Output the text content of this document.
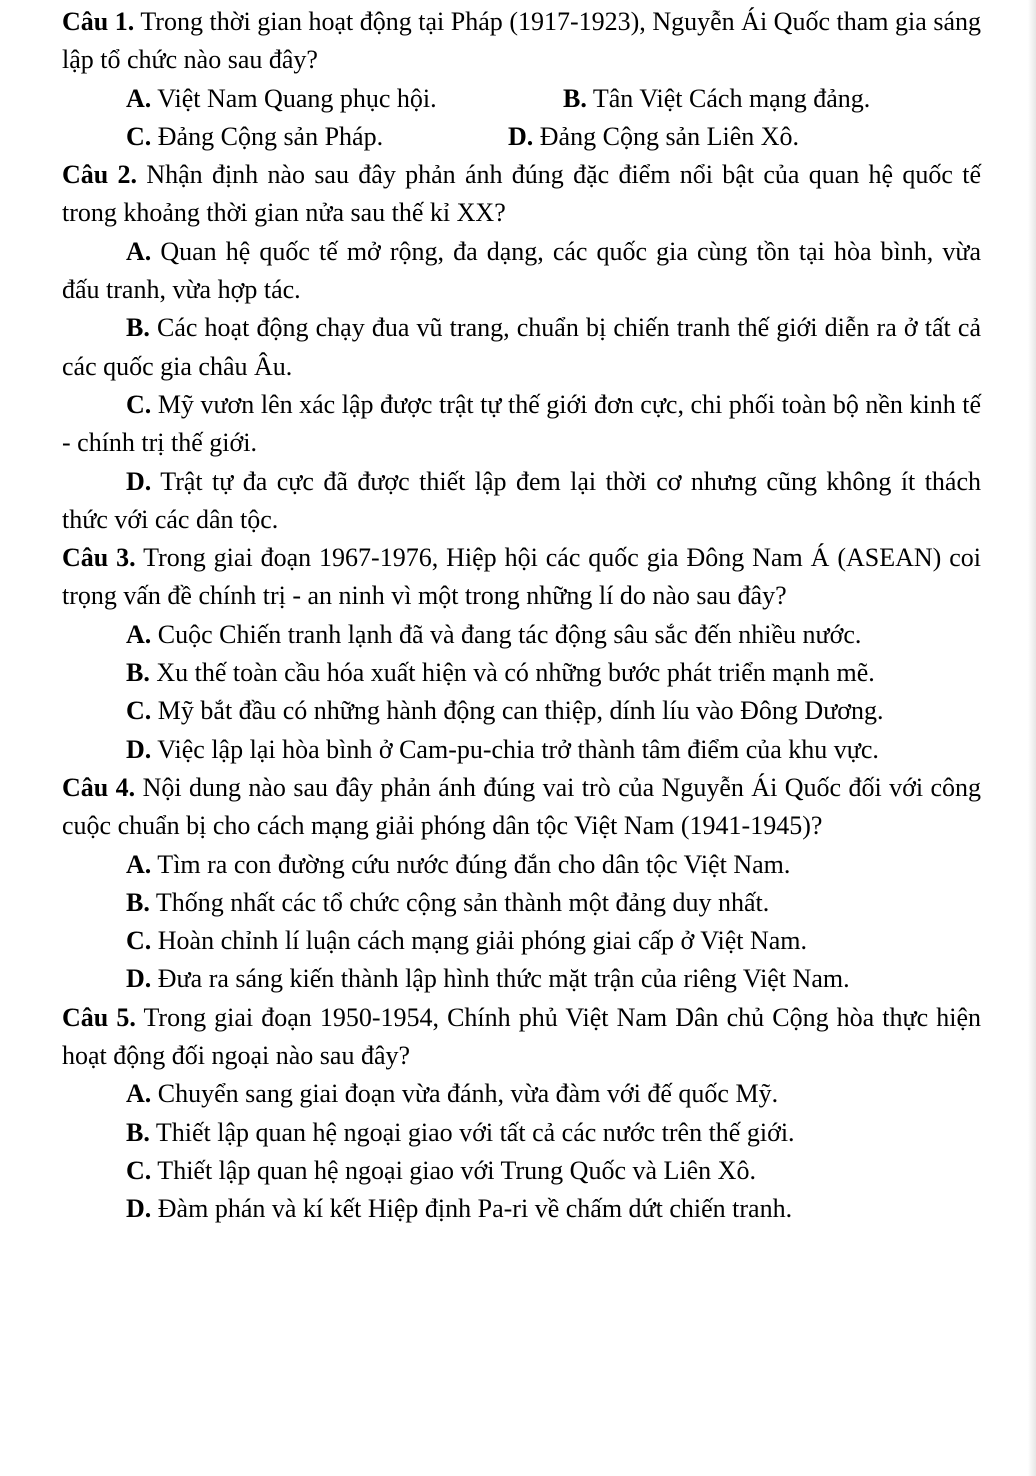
Câu 1. Trong thời gian hoạt động tại Pháp (1917-1923), Nguyễn Ái Quốc tham gia sáng lập tổ chức nào sau đây?

A. Việt Nam Quang phục hội.	B. Tân Việt Cách mạng đảng.
C. Đảng Cộng sản Pháp.	D. Đảng Cộng sản Liên Xô.

Câu 2. Nhận định nào sau đây phản ánh đúng đặc điểm nổi bật của quan hệ quốc tế trong khoảng thời gian nửa sau thế kỉ XX?

A. Quan hệ quốc tế mở rộng, đa dạng, các quốc gia cùng tồn tại hòa bình, vừa đấu tranh, vừa hợp tác.

B. Các hoạt động chạy đua vũ trang, chuẩn bị chiến tranh thế giới diễn ra ở tất cả các quốc gia châu Âu.

C. Mỹ vươn lên xác lập được trật tự thế giới đơn cực, chi phối toàn bộ nền kinh tế - chính trị thế giới.

D. Trật tự đa cực đã được thiết lập đem lại thời cơ nhưng cũng không ít thách thức với các dân tộc.

Câu 3. Trong giai đoạn 1967-1976, Hiệp hội các quốc gia Đông Nam Á (ASEAN) coi trọng vấn đề chính trị - an ninh vì một trong những lí do nào sau đây?

A. Cuộc Chiến tranh lạnh đã và đang tác động sâu sắc đến nhiều nước.

B. Xu thế toàn cầu hóa xuất hiện và có những bước phát triển mạnh mẽ.

C. Mỹ bắt đầu có những hành động can thiệp, dính líu vào Đông Dương.

D. Việc lập lại hòa bình ở Cam-pu-chia trở thành tâm điểm của khu vực.

Câu 4. Nội dung nào sau đây phản ánh đúng vai trò của Nguyễn Ái Quốc đối với công cuộc chuẩn bị cho cách mạng giải phóng dân tộc Việt Nam (1941-1945)?

A. Tìm ra con đường cứu nước đúng đắn cho dân tộc Việt Nam.

B. Thống nhất các tổ chức cộng sản thành một đảng duy nhất.

C. Hoàn chỉnh lí luận cách mạng giải phóng giai cấp ở Việt Nam.

D. Đưa ra sáng kiến thành lập hình thức mặt trận của riêng Việt Nam.

Câu 5. Trong giai đoạn 1950-1954, Chính phủ Việt Nam Dân chủ Cộng hòa thực hiện hoạt động đối ngoại nào sau đây?

A. Chuyển sang giai đoạn vừa đánh, vừa đàm với đế quốc Mỹ.

B. Thiết lập quan hệ ngoại giao với tất cả các nước trên thế giới.

C. Thiết lập quan hệ ngoại giao với Trung Quốc và Liên Xô.

D. Đàm phán và kí kết Hiệp định Pa-ri về chấm dứt chiến tranh.
